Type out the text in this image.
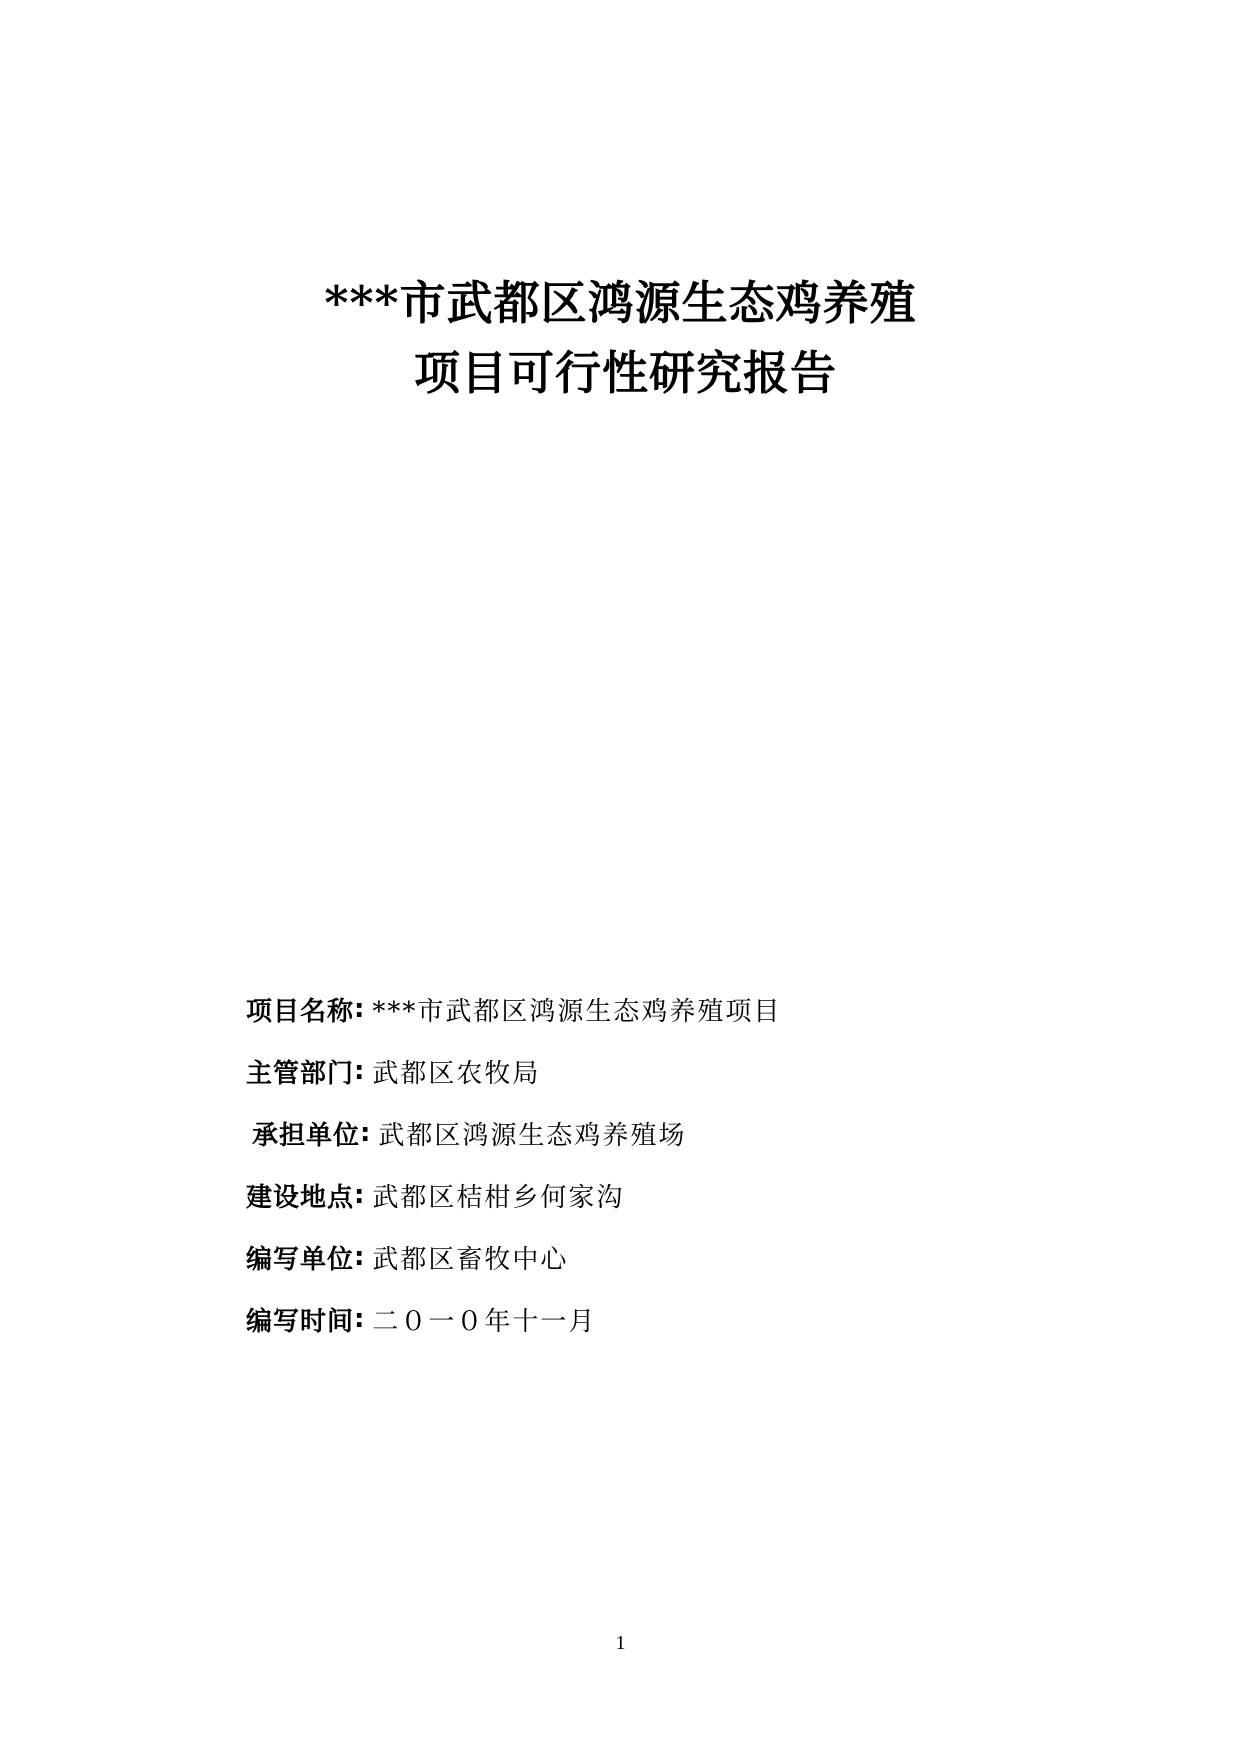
***市武都区鸿源生态鸡养殖
项目可行性研究报告
项目名称 : ***市武都区鸿源生态鸡养殖项目
主管部门 : 武都区农牧局
承担单位 : 武都区鸿源生态鸡养殖场
建设地点 : 武都区桔柑乡何家沟
编写单位 : 武都区畜牧中心
编写时间 : 二０一０年十一月
1
